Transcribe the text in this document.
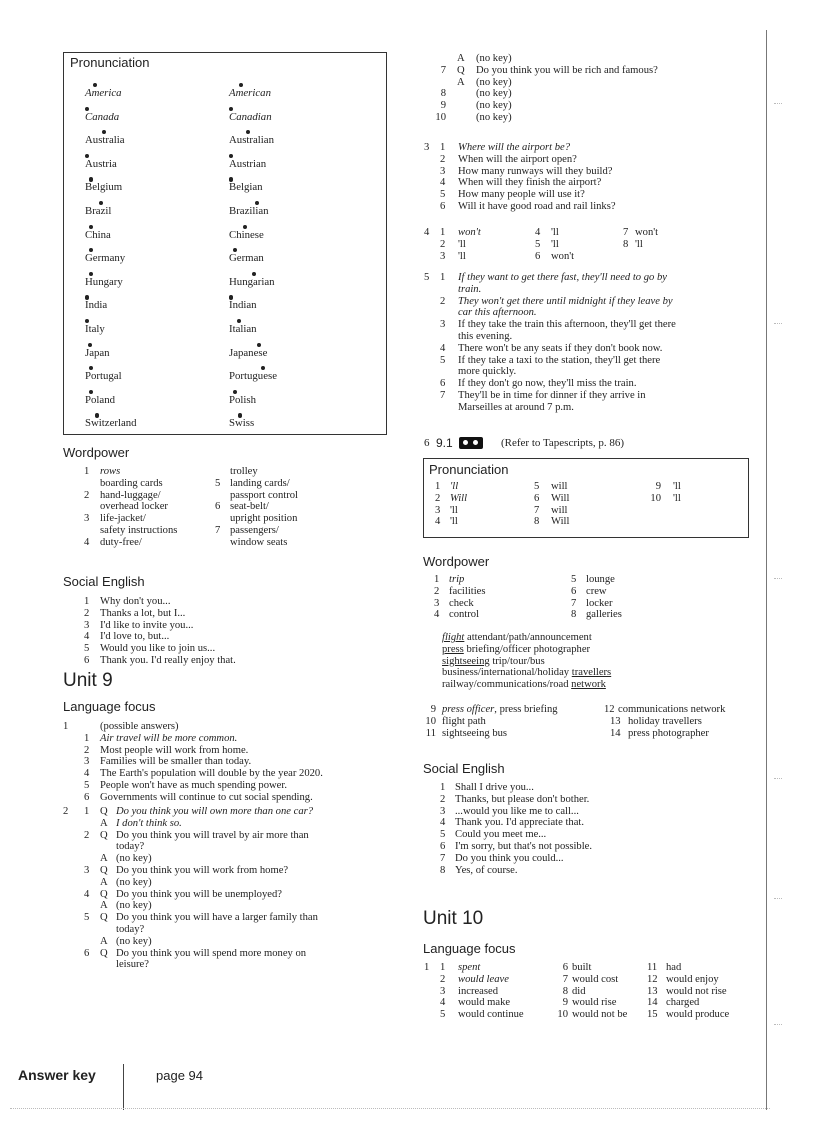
Pronunciation
America	American
Canada	Canadian
Australia	Australian
Austria	Austrian
Belgium	Belgian
Brazil	Brazilian
China	Chinese
Germany	German
Hungary	Hungarian
India	Indian
Italy	Italian
Japan	Japanese
Portugal	Portuguese
Poland	Polish
Switzerland	Swiss
Wordpower
1 rows	trolley
boarding cards	5 landing cards/
2 hand-luggage/	passport control
overhead locker	6 seat-belt/
3 life-jacket/	upright position
safety instructions	7 passengers/
4 duty-free/	window seats
Social English
1 Why don't you...
2 Thanks a lot, but I...
3 I'd like to invite you...
4 I'd love to, but...
5 Would you like to join us...
6 Thank you. I'd really enjoy that.
Unit 9
Language focus
1	(possible answers)
1 Air travel will be more common.
2 Most people will work from home.
3 Families will be smaller than today.
4 The Earth's population will double by the year 2020.
5 People won't have as much spending power.
6 Governments will continue to cut social spending.
2 1 Q Do you think you will own more than one car?
A I don't think so.
2 Q Do you think you will travel by air more than
today?
A (no key)
3 Q Do you think you will work from home?
A (no key)
4 Q Do you think you will be unemployed?
A (no key)
5 Q Do you think you will have a larger family than
today?
A (no key)
6 Q Do you think you will spend more money on
leisure?
A (no key)
7 Q Do you think you will be rich and famous?
A (no key)
8	(no key)
9	(no key)
10	(no key)
3 1 Where will the airport be?
2 When will the airport open?
3 How many runways will they build?
4 When will they finish the airport?
5 How many people will use it?
6 Will it have good road and rail links?
4 1 won't	4 'll	7 won't
2 'll	5 'll	8 'll
3 'll	6 won't
5 1 If they want to get there fast, they'll need to go by
train.
2 They won't get there until midnight if they leave by
car this afternoon.
3 If they take the train this afternoon, they'll get there
this evening.
4 There won't be any seats if they don't book now.
5 If they take a taxi to the station, they'll get there
more quickly.
6 If they don't go now, they'll miss the train.
7 They'll be in time for dinner if they arrive in
Marseilles at around 7 p.m.
6 9.1	(Refer to Tapescripts, p. 86)
Pronunciation
1 'll	5 will	9 'll
2 Will	6 Will	10 'll
3 'll	7 will
4 'll	8 Will
Wordpower
1 trip	5 lounge
2 facilities	6 crew
3 check	7 locker
4 control	8 galleries
flight attendant/path/announcement
press briefing/officer photographer
sightseeing trip/tour/bus
business/international/holiday travellers
railway/communications/road network
9 press officer, press briefing	12 communications network
10 flight path	13 holiday travellers
11 sightseeing bus	14 press photographer
Social English
1 Shall I drive you...
2 Thanks, but please don't bother.
3 ...would you like me to call...
4 Thank you. I'd appreciate that.
5 Could you meet me...
6 I'm sorry, but that's not possible.
7 Do you think you could...
8 Yes, of course.
Unit 10
Language focus
1 1 spent	6 built	11 had
2 would leave	7 would cost	12 would enjoy
3 increased	8 did	13 would not rise
4 would make	9 would rise	14 charged
5 would continue	10 would not be 15 would produce
Answer key	page 94
